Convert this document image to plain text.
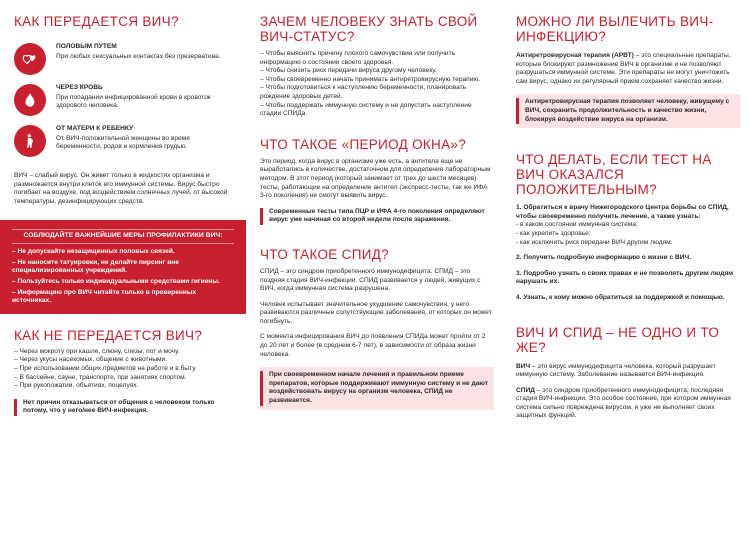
КАК ПЕРЕДАЕТСЯ ВИЧ?
ПОЛОВЫМ ПУТЕМ
При любых сексуальных контактах без презерватива.
ЧЕРЕЗ КРОВЬ
При попадании инфицированной крови в кровоток здорового человека.
ОТ МАТЕРИ К РЕБЕНКУ
От ВИЧ-положительной женщины во время беременности, родов и кормления грудью.
ВИЧ – слабый вирус. Он живет только в жидкостях организма и размножается внутри клеток его иммунной системы. Вирус быстро погибает на воздухе, под воздействием солнечных лучей, от высокой температуры, дезинфицирующих средств.
СОБЛЮДАЙТЕ ВАЖНЕЙШИЕ МЕРЫ ПРОФИЛАКТИКИ ВИЧ:
– Не допускайте незащищенных половых связей.
– Не наносите татуировки, не делайте пирсинг вне специализированных учреждений.
– Пользуйтесь только индивидуальными средствами гигиены.
– Информацию про ВИЧ читайте только в проверенных источниках.
КАК НЕ ПЕРЕДАЕТСЯ ВИЧ?
– Через мокроту при кашле, слюну, слезы, пот и мочу.
– Через укусы насекомых, общение с животными.
– При использовании общих предметов на работе и в быту.
– В бассейне, сауне, транспорте, при занятиях спортом.
– При рукопожатии, объятиях, поцелуях.
Нет причин отказываться от общения с человеком только потому, что у него/нее ВИЧ-инфекция.
ЗАЧЕМ ЧЕЛОВЕКУ ЗНАТЬ СВОЙ ВИЧ-СТАТУС?
– Чтобы выяснить причину плохого самочувствия или получить информацию о состоянии своего здоровья.
– Чтобы снизить риск передачи вируса другому человеку.
– Чтобы своевременно начать принимать антиретровирусную терапию.
– Чтобы подготовиться к наступлению беременности, планировать рождение здоровых детей.
– Чтобы поддержать иммунную систему и не допустить наступление стадии СПИДа.
ЧТО ТАКОЕ «ПЕРИОД ОКНА»?
Это период, когда вирус в организме уже есть, а антитела еще не выработались в количестве, достаточном для определения лабораторным методом. В этот период (который занимает от трех до шести месяцев) тесты, работающие на определение антител (экспресс-тесты, так же ИФА 3-го поколения) не смогут выявить вирус.
Современные тесты типа ПЦР и ИФА 4-го поколения определяют вирус уже начиная со второй недели после заражения.
ЧТО ТАКОЕ СПИД?
СПИД – это синдром приобретенного иммунодефицита. СПИД – это поздняя стадия ВИЧ-инфекции. СПИД развивается у людей, живущих с ВИЧ, когда иммунная система разрушена.
Человек испытывает значительное ухудшение самочувствия, у него развиваются различные сопутствующие заболевания, от которых он может погибнуть.
С момента инфицирования ВИЧ до появления СПИДа может пройти от 2 до 20 лет и более (в среднем 6-7 лет), в зависимости от образа жизни человека.
При своевременном начале лечения и правильном приеме препаратов, которые поддерживают иммунную систему и не дают воздействовать вирусу на организм человека, СПИД не развивается.
МОЖНО ЛИ ВЫЛЕЧИТЬ ВИЧ-ИНФЕКЦИЮ?
Антиретровирусная терапия (АРВТ) – это специальные препараты, которые блокируют размножение ВИЧ в организме и не позволяют разрушаться иммунной системе. Эти препараты не могут уничтожить сам вирус, однако их регулярный прием сохраняет качество жизни.
Антиретровирусная терапия позволяет человеку, живущему с ВИЧ, сохранить продолжительность и качество жизни, блокируя воздействие вируса на организм.
ЧТО ДЕЛАТЬ, ЕСЛИ ТЕСТ НА ВИЧ ОКАЗАЛСЯ ПОЛОЖИТЕЛЬНЫМ?
1. Обратиться к врачу Нижегородского Центра борьбы со СПИД, чтобы своевременно получить лечение, а также узнать:
- в каком состоянии иммунная система;
- как укрепить здоровье;
- как исключить риск передачи ВИЧ другим людям.
2. Получить подробную информацию о жизни с ВИЧ.
3. Подробно узнать о своих правах и не позволять другим людям нарушать их.
4. Узнать, к кому можно обратиться за поддержкой и помощью.
ВИЧ И СПИД – НЕ ОДНО И ТО ЖЕ?
ВИЧ – это вирус иммунодефицита человека, который разрушает иммунную систему. Заболевание называется ВИЧ-инфекция.
СПИД – это синдром приобретенного иммунодефицита, последняя стадия ВИЧ-инфекции. Это особое состояние, при котором иммунная система сильно повреждена вирусом, и уже не выполняет своих защитных функций.
